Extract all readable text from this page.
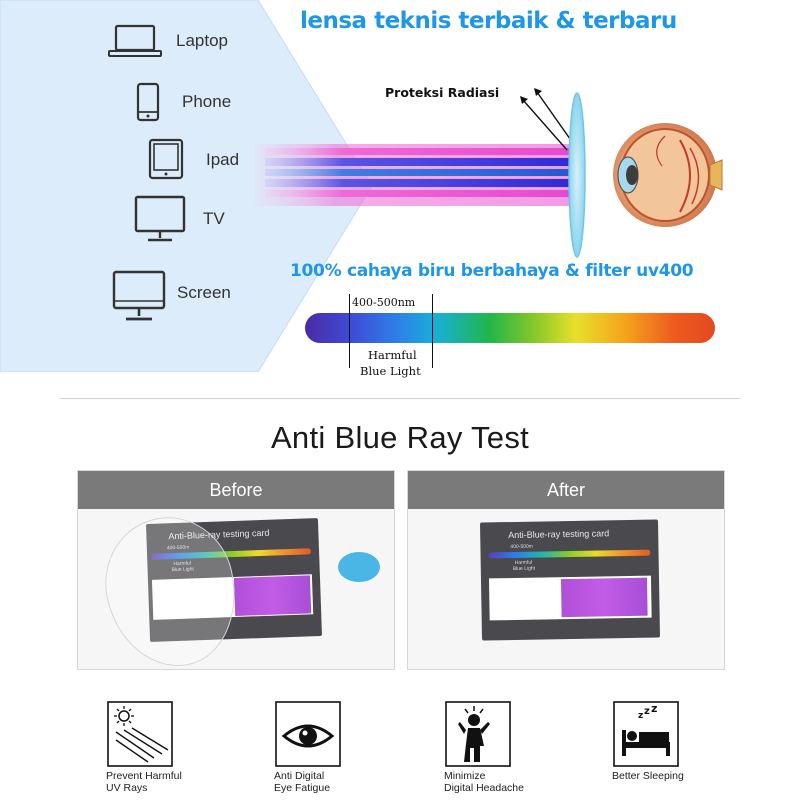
Laptop
Phone
Ipad
TV
Screen
lensa teknis terbaik & terbaru
100% cahaya biru berbahaya & filter uv400
Proteksi Radiasi
400-500nm
Harmful
Blue Light
Anti Blue Ray Test
Before
Anti-Blue-ray testing card
400-500m
Harmful
Blue Light
After
Anti-Blue-ray testing card
400-500m
Harmful
Blue Light
Prevent Harmful
UV Rays
Anti Digital
Eye Fatigue
Minimize
Digital Headache
z z z
Better Sleeping
